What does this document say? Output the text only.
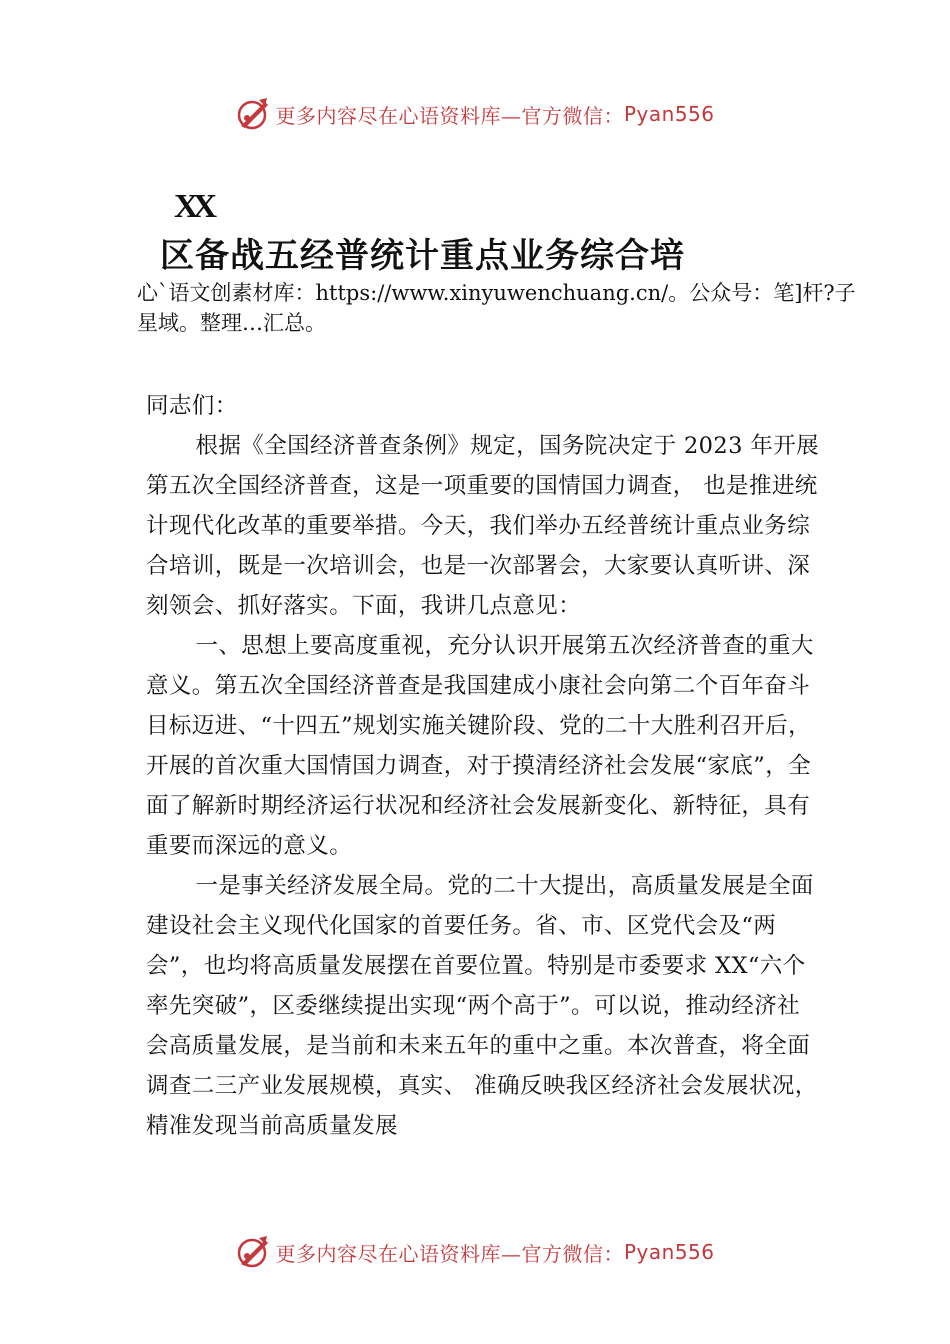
更多内容尽在心语资料库—官方微信： Pyan556
XX
区备战五经普统计重点业务综合培
心`语文创素材库：https://www.xinyuwenchuang.cn/。公众号：笔]杆?子星域。整理…汇总。

同志们：

根据《全国经济普查条例》规定，国务院决定于 2023 年开展第五次全国经济普查，这是一项重要的国情国力调查， 也是推进统计现代化改革的重要举措。今天，我们举办五经普统计重点业务综合培训，既是一次培训会，也是一次部署会，大家要认真听讲、深刻领会、抓好落实。下面，我讲几点意见：

一、思想上要高度重视，充分认识开展第五次经济普查的重大意义。第五次全国经济普查是我国建成小康社会向第二个百年奋斗目标迈进、“十四五”规划实施关键阶段、党的二十大胜利召开后，开展的首次重大国情国力调查，对于摸清经济社会发展“家底”，全面了解新时期经济运行状况和经济社会发展新变化、新特征，具有重要而深远的意义。

一是事关经济发展全局。党的二十大提出，高质量发展是全面建设社会主义现代化国家的首要任务。省、市、区党代会及“两会”，也均将高质量发展摆在首要位置。特别是市委要求 XX“六个率先突破”，区委继续提出实现“两个高于”。可以说，推动经济社会高质量发展，是当前和未来五年的重中之重。本次普查，将全面调查二三产业发展规模，真实、 准确反映我区经济社会发展状况，精准发现当前高质量发展

更多内容尽在心语资料库—官方微信： Pyan556
